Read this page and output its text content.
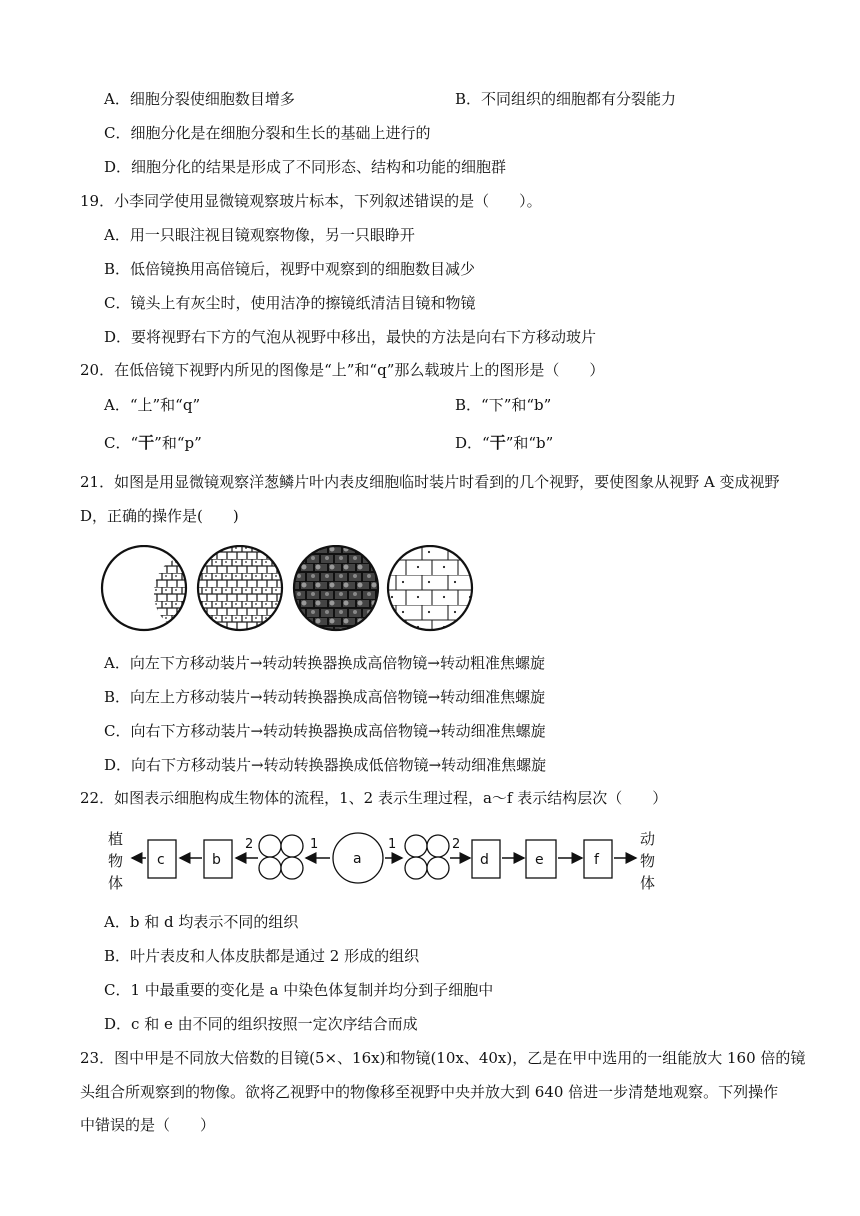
A．细胞分裂使细胞数目增多	B．不同组织的细胞都有分裂能力
C．细胞分化是在细胞分裂和生长的基础上进行的
D．细胞分化的结果是形成了不同形态、结构和功能的细胞群
19．小李同学使用显微镜观察玻片标本，下列叙述错误的是（　　）。
A．用一只眼注视目镜观察物像，另一只眼睁开
B．低倍镜换用高倍镜后，视野中观察到的细胞数目减少
C．镜头上有灰尘时，使用洁净的擦镜纸清洁目镜和物镜
D．要将视野右下方的气泡从视野中移出，最快的方法是向右下方移动玻片
20．在低倍镜下视野内所见的图像是“上”和“q”那么载玻片上的图形是（　　）
A．“上”和“q”	B．“下”和“b”
C．“干”和“p”	D．“干”和“b”
21．如图是用显微镜观察洋葱鳞片叶内表皮细胞临时装片时看到的几个视野，要使图象从视野 A 变成视野
D，正确的操作是(　　)
A．向左下方移动装片→转动转换器换成高倍物镜→转动粗准焦螺旋
B．向左上方移动装片→转动转换器换成高倍物镜→转动细准焦螺旋
C．向右下方移动装片→转动转换器换成高倍物镜→转动细准焦螺旋
D．向右下方移动装片→转动转换器换成低倍物镜→转动细准焦螺旋
22．如图表示细胞构成生物体的流程，1、2 表示生理过程，a～f 表示结构层次（　　）
植
物
体
c	b
2	1
a
1	2
d	e	f
动
物
体
A．b 和 d 均表示不同的组织
B．叶片表皮和人体皮肤都是通过 2 形成的组织
C．1 中最重要的变化是 a 中染色体复制并均分到子细胞中
D．c 和 e 由不同的组织按照一定次序结合而成
23．图中甲是不同放大倍数的目镜(5×、16x)和物镜(10x、40x)，乙是在甲中选用的一组能放大 160 倍的镜
头组合所观察到的物像。欲将乙视野中的物像移至视野中央并放大到 640 倍进一步清楚地观察。下列操作
中错误的是（　　）
